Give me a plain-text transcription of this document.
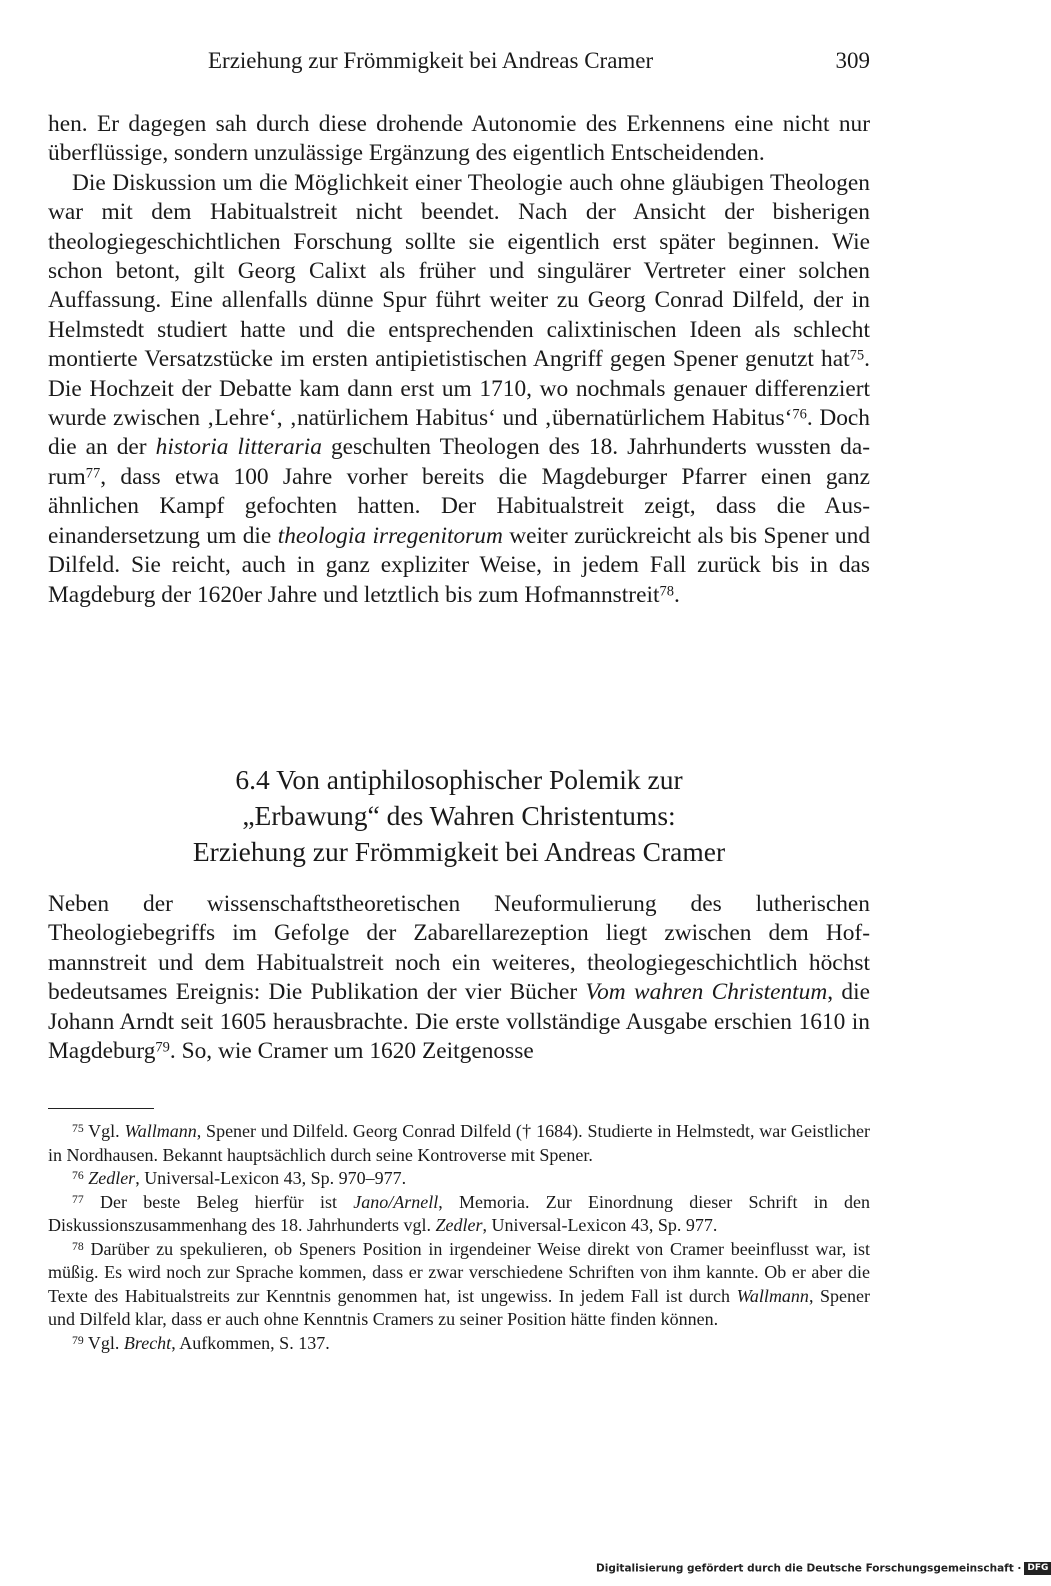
Erziehung zur Frömmigkeit bei Andreas Cramer	309

hen. Er dagegen sah durch diese drohende Autonomie des Erkennens eine nicht nur überflüssige, sondern unzulässige Ergänzung des eigentlich Entscheidenden.

Die Diskussion um die Möglichkeit einer Theologie auch ohne gläubigen Theologen war mit dem Habitualstreit nicht beendet. Nach der Ansicht der bisherigen theologiegeschichtlichen Forschung sollte sie eigentlich erst später beginnen. Wie schon betont, gilt Georg Calixt als früher und singulärer Vertreter einer solchen Auffassung. Eine allenfalls dünne Spur führt weiter zu Georg Conrad Dilfeld, der in Helmstedt studiert hatte und die entsprechenden calixtinischen Ideen als schlecht montierte Versatzstücke im ersten antipietistischen Angriff gegen Spener genutzt hat$^{75}$. Die Hochzeit der Debatte kam dann erst um 1710, wo nochmals genauer differenziert wurde zwischen ‚Lehre‘, ‚natürlichem Habitus‘ und ‚übernatürlichem Habitus‘$^{76}$. Doch die an der historia litteraria geschulten Theologen des 18. Jahrhunderts wussten darum$^{77}$, dass etwa 100 Jahre vorher bereits die Magdeburger Pfarrer einen ganz ähnlichen Kampf gefochten hatten. Der Habitualstreit zeigt, dass die Auseinandersetzung um die theologia irregenitorum weiter zurückreicht als bis Spener und Dilfeld. Sie reicht, auch in ganz expliziter Weise, in jedem Fall zurück bis in das Magdeburg der 1620er Jahre und letztlich bis zum Hofmannstreit$^{78}$.

6.4 Von antiphilosophischer Polemik zur
„Erbawung“ des Wahren Christentums:
Erziehung zur Frömmigkeit bei Andreas Cramer

Neben der wissenschaftstheoretischen Neuformulierung des lutherischen Theologiebegriffs im Gefolge der Zabarellarezeption liegt zwischen dem Hofmannstreit und dem Habitualstreit noch ein weiteres, theologiegeschichtlich höchst bedeutsames Ereignis: Die Publikation der vier Bücher Vom wahren Christentum, die Johann Arndt seit 1605 herausbrachte. Die erste vollständige Ausgabe erschien 1610 in Magdeburg$^{79}$. So, wie Cramer um 1620 Zeitgenosse

$^{75}$ Vgl. Wallmann, Spener und Dilfeld. Georg Conrad Dilfeld († 1684). Studierte in Helmstedt, war Geistlicher in Nordhausen. Bekannt hauptsächlich durch seine Kontroverse mit Spener.

$^{76}$ Zedler, Universal-Lexicon 43, Sp. 970–977.

$^{77}$ Der beste Beleg hierfür ist Jano/Arnell, Memoria. Zur Einordnung dieser Schrift in den Diskussionszusammenhang des 18. Jahrhunderts vgl. Zedler, Universal-Lexicon 43, Sp. 977.

$^{78}$ Darüber zu spekulieren, ob Speners Position in irgendeiner Weise direkt von Cramer beeinflusst war, ist müßig. Es wird noch zur Sprache kommen, dass er zwar verschiedene Schriften von ihm kannte. Ob er aber die Texte des Habitualstreits zur Kenntnis genommen hat, ist ungewiss. In jedem Fall ist durch Wallmann, Spener und Dilfeld klar, dass er auch ohne Kenntnis Cramers zu seiner Position hätte finden können.

$^{79}$ Vgl. Brecht, Aufkommen, S. 137.

Digitalisierung gefördert durch die Deutsche Forschungsgemeinschaft · DFG
